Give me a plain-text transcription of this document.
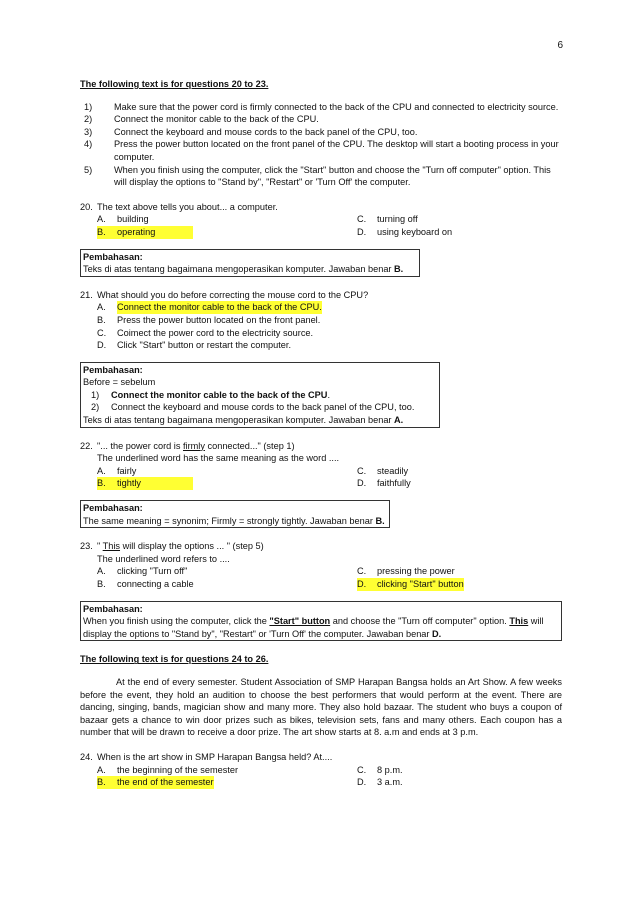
6

The following text is for questions 20 to 23.

1)	Make sure that the power cord is firmly connected to the back of the CPU and connected to electricity source.
2)	Connect the monitor cable to the back of the CPU.
3)	Connect the keyboard and mouse cords to the back panel of the CPU, too.
4)	Press the power button located on the front panel of the CPU. The desktop will start a booting process in your computer.
5)	When you finish using the computer, click the "Start" button and choose the "Turn off computer" option. This will display the options to "Stand by", "Restart" or 'Turn Off' the computer.
20. The text above tells you about... a computer.
A.	building	C.	turning off
B.	operating	D.	using keyboard on
Pembahasan:
Teks di atas tentang bagaimana mengoperasikan komputer. Jawaban benar B.
21. What should you do before correcting the mouse cord to the CPU?
A.	Connect the monitor cable to the back of the CPU.
B.	Press the power button located on the front panel.
C.	Coimect the power cord to the electricity source.
D.	Click "Start" button or restart the computer.
Pembahasan:
Before = sebelum
1) Connect the monitor cable to the back of the CPU.
2) Connect the keyboard and mouse cords to the back panel of the CPU, too.
Teks di atas tentang bagaimana mengoperasikan komputer. Jawaban benar A.
22. "... the power cord is firmly connected..." (step 1)
The underlined word has the same meaning as the word ....
A.	fairly	C.	steadily
B.	tightly	D.	faithfully
Pembahasan:
The same meaning = synonim; Firmly = strongly tightly. Jawaban benar B.
23. " This will display the options ... " (step 5)
The underlined word refers to ....
A.	clicking "Turn off"	C.	pressing the power
B.	connecting a cable	D.	clicking "Start" button
Pembahasan:
When you finish using the computer, click the "Start" button and choose the "Turn off computer" option. This will display the options to "Stand by", "Restart" or 'Turn Off' the computer. Jawaban benar D.

The following text is for questions 24 to 26.

At the end of every semester. Student Association of SMP Harapan Bangsa holds an Art Show. A few weeks before the event, they hold an audition to choose the best performers that would perform at the event. There are dancing, singing, bands, magician show and many more. They also hold bazaar. The student who buys a coupon of bazaar gets a chance to win door prizes such as bikes, television sets, fans and many others. Each coupon has a number that will be drawn to receive a door prize. The art show starts at 8. a.m and ends at 3 p.m.

24. When is the art show in SMP Harapan Bangsa held? At....
A.	the beginning of the semester	C.	8 p.m.
B.	the end of the semester	D.	3 a.m.
